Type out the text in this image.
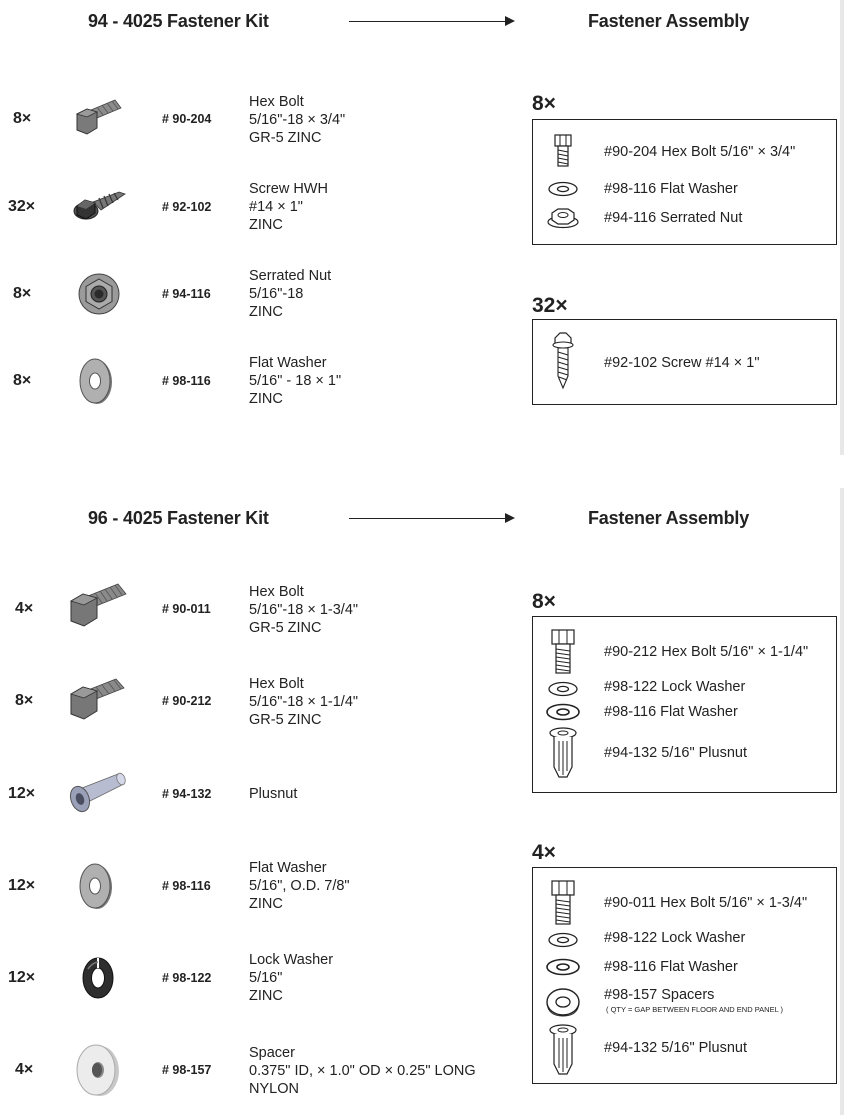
94 - 4025 Fastener Kit	Fastener Assembly
8×	# 90-204
Hex Bolt
5/16"-18 × 3/4"
GR-5 ZINC
32×	# 92-102
Screw HWH
#14 × 1"
ZINC
8×	# 94-116
Serrated Nut
5/16"-18
ZINC
8×	# 98-116
Flat Washer
5/16" - 18 × 1"
ZINC
8×
#90-204 Hex Bolt 5/16" × 3/4"
#98-116 Flat Washer
#94-116 Serrated Nut
32×
#92-102 Screw #14 × 1"
96 - 4025 Fastener Kit	Fastener Assembly
4×	# 90-011
Hex Bolt
5/16"-18 × 1-3/4"
GR-5 ZINC
8×	# 90-212
Hex Bolt
5/16"-18 × 1-1/4"
GR-5 ZINC
12×	# 94-132	Plusnut
12×	# 98-116
Flat Washer
5/16", O.D. 7/8"
ZINC
12×	# 98-122
Lock Washer
5/16"
ZINC
4×	# 98-157
Spacer
0.375" ID, × 1.0" OD × 0.25" LONG
NYLON
8×
#90-212 Hex Bolt 5/16" × 1-1/4"
#98-122 Lock Washer
#98-116 Flat Washer
#94-132 5/16" Plusnut
4×
#90-011 Hex Bolt 5/16" × 1-3/4"
#98-122 Lock Washer
#98-116 Flat Washer
#98-157 Spacers
( QTY = GAP BETWEEN FLOOR AND END PANEL )
#94-132 5/16" Plusnut
